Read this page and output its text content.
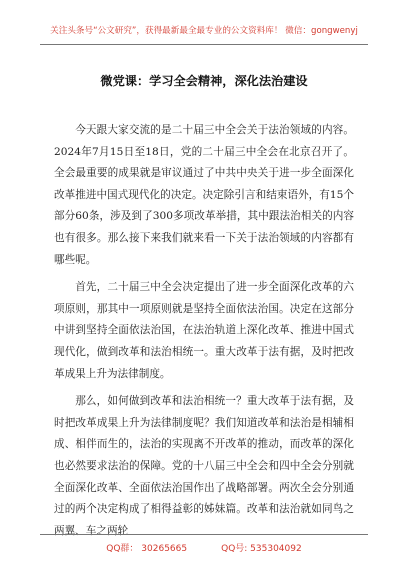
关注头条号“公文研究”，获得最新最全最专业的公文资料库！ 微信：gongwenyj
微党课：学习全会精神，深化法治建设

今天跟大家交流的是二十届三中全会关于法治领域的内容。2024年7月15日至18日，党的二十届三中全会在北京召开了。全会最重要的成果就是审议通过了中共中央关于进一步全面深化改革推进中国式现代化的决定。决定除引言和结束语外，有15个部分60条，涉及到了300多项改革举措，其中跟法治相关的内容也有很多。那么接下来我们就来看一下关于法治领域的内容都有哪些呢。

首先，二十届三中全会决定提出了进一步全面深化改革的六项原则，那其中一项原则就是坚持全面依法治国。决定在这部分中讲到坚持全面依法治国，在法治轨道上深化改革、推进中国式现代化，做到改革和法治相统一。重大改革于法有据，及时把改革成果上升为法律制度。

那么，如何做到改革和法治相统一？重大改革于法有据，及时把改革成果上升为法律制度呢？我们知道改革和法治是相辅相成、相伴而生的，法治的实现离不开改革的推动，而改革的深化也必然要求法治的保障。党的十八届三中全会和四中全会分别就全面深化改革、全面依法治国作出了战略部署。两次全会分别通过的两个决定构成了相得益彰的姊妹篇。改革和法治就如同鸟之两翼、车之两轮

QQ群： 30265665	QQ号: 535304092
